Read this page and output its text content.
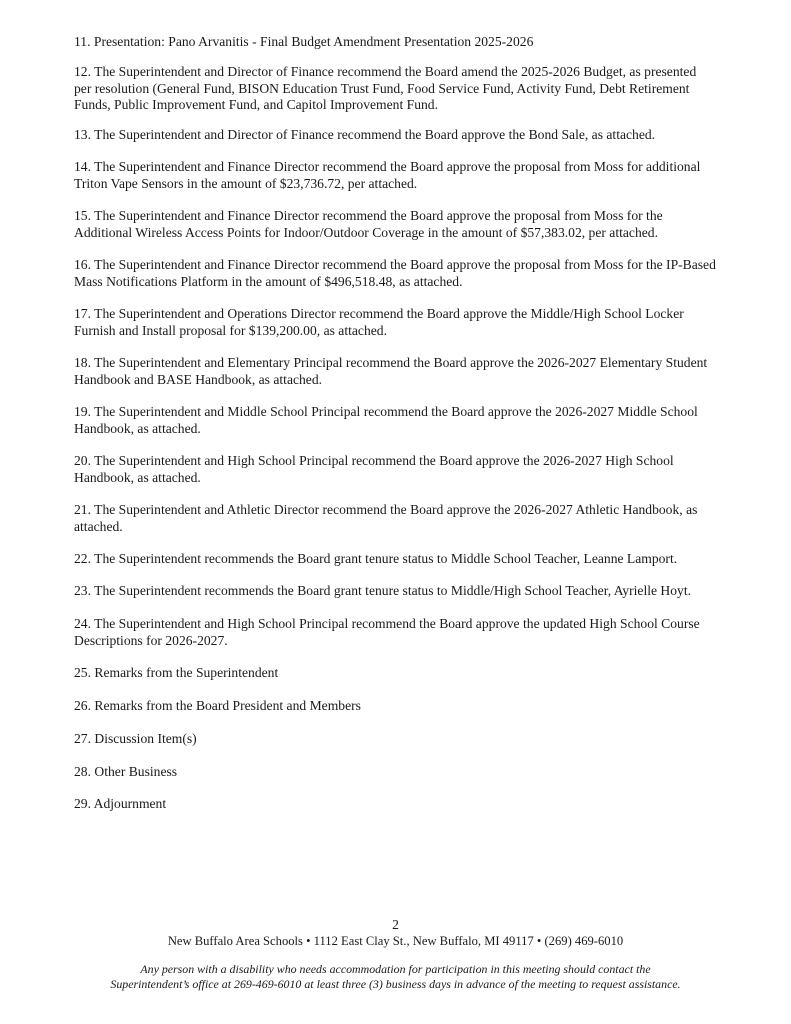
11. Presentation: Pano Arvanitis - Final Budget Amendment Presentation 2025-2026
12. The Superintendent and Director of Finance recommend the Board amend the 2025-2026 Budget, as presented
per resolution (General Fund, BISON Education Trust Fund, Food Service Fund, Activity Fund, Debt Retirement
Funds, Public Improvement Fund, and Capitol Improvement Fund.
13. The Superintendent and Director of Finance recommend the Board approve the Bond Sale, as attached.
14. The Superintendent and Finance Director recommend the Board approve the proposal from Moss for additional
Triton Vape Sensors in the amount of $23,736.72, per attached.
15. The Superintendent and Finance Director recommend the Board approve the proposal from Moss for the
Additional Wireless Access Points for Indoor/Outdoor Coverage in the amount of $57,383.02, per attached.
16. The Superintendent and Finance Director recommend the Board approve the proposal from Moss for the IP-Based
Mass Notifications Platform in the amount of $496,518.48, as attached.
17. The Superintendent and Operations Director recommend the Board approve the Middle/High School Locker
Furnish and Install proposal for $139,200.00, as attached.
18. The Superintendent and Elementary Principal recommend the Board approve the 2026-2027 Elementary Student
Handbook and BASE Handbook, as attached.
19. The Superintendent and Middle School Principal recommend the Board approve the 2026-2027 Middle School
Handbook, as attached.
20. The Superintendent and High School Principal recommend the Board approve the 2026-2027 High School
Handbook, as attached.
21. The Superintendent and Athletic Director recommend the Board approve the 2026-2027 Athletic Handbook, as
attached.
22. The Superintendent recommends the Board grant tenure status to Middle School Teacher, Leanne Lamport.
23. The Superintendent recommends the Board grant tenure status to Middle/High School Teacher, Ayrielle Hoyt.
24. The Superintendent and High School Principal recommend the Board approve the updated High School Course
Descriptions for 2026-2027.
25. Remarks from the Superintendent
26. Remarks from the Board President and Members
27. Discussion Item(s)
28. Other Business
29. Adjournment
2
New Buffalo Area Schools • 1112 East Clay St., New Buffalo, MI 49117 • (269) 469-6010
Any person with a disability who needs accommodation for participation in this meeting should contact the
Superintendent’s office at 269-469-6010 at least three (3) business days in advance of the meeting to request assistance.
